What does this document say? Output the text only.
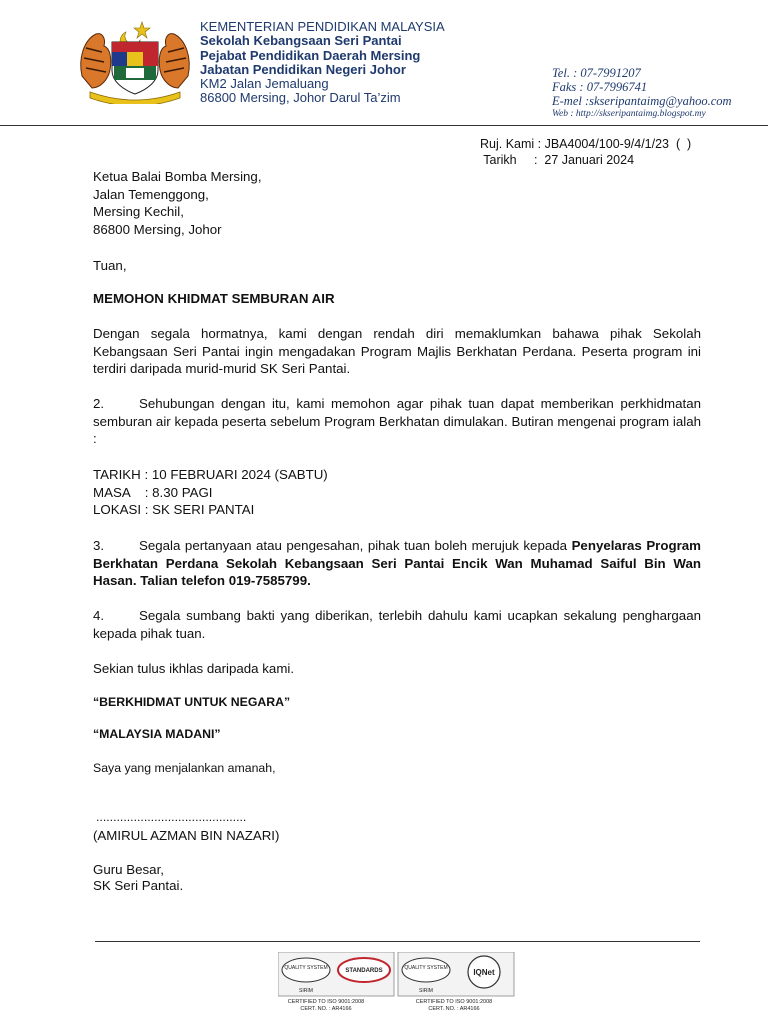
KEMENTERIAN PENDIDIKAN MALAYSIA
Sekolah Kebangsaan Seri Pantai
Pejabat Pendidikan Daerah Mersing
Jabatan Pendidikan Negeri Johor
KM2 Jalan Jemaluang
86800 Mersing, Johor Darul Ta’zim
Tel. : 07-7991207
Faks : 07-7996741
E-mel :skseripantaimg@yahoo.com
Web : http://skseripantaimg.blogspot.my
Ruj. Kami : JBA4004/100-9/4/1/23  (  )
Tarikh     :  27 Januari 2024
Ketua Balai Bomba Mersing,
Jalan Temenggong,
Mersing Kechil,
86800 Mersing, Johor
Tuan,
MEMOHON KHIDMAT SEMBURAN AIR
Dengan segala hormatnya, kami dengan rendah diri memaklumkan bahawa pihak Sekolah Kebangsaan Seri Pantai ingin mengadakan Program Majlis Berkhatan Perdana. Peserta program ini terdiri daripada murid-murid SK Seri Pantai.
2.	Sehubungan dengan itu, kami memohon agar pihak tuan dapat memberikan perkhidmatan semburan air kepada peserta sebelum Program Berkhatan dimulakan. Butiran mengenai program ialah :
TARIKH : 10 FEBRUARI 2024 (SABTU)
MASA    : 8.30 PAGI
LOKASI : SK SERI PANTAI
3.	Segala pertanyaan atau pengesahan, pihak tuan boleh merujuk kepada Penyelaras Program Berkhatan Perdana Sekolah Kebangsaan Seri Pantai Encik Wan Muhamad Saiful Bin Wan Hasan. Talian telefon 019-7585799.
4.	Segala sumbang bakti yang diberikan, terlebih dahulu kami ucapkan sekalung penghargaan kepada pihak tuan.
Sekian tulus ikhlas daripada kami.
“BERKHIDMAT UNTUK NEGARA”
“MALAYSIA MADANI”
Saya yang menjalankan amanah,
............................................
(AMIRUL AZMAN BIN NAZARI)
Guru Besar,
SK Seri Pantai.
QUALITY SYSTEM
SIRIM
STANDARDS	QUALITY SYSTEM
SIRIM
IQNet
CERTIFIED TO ISO 9001:2008
CERT. NO. : AR4166
CERTIFIED TO ISO 9001:2008
CERT. NO. : AR4166
